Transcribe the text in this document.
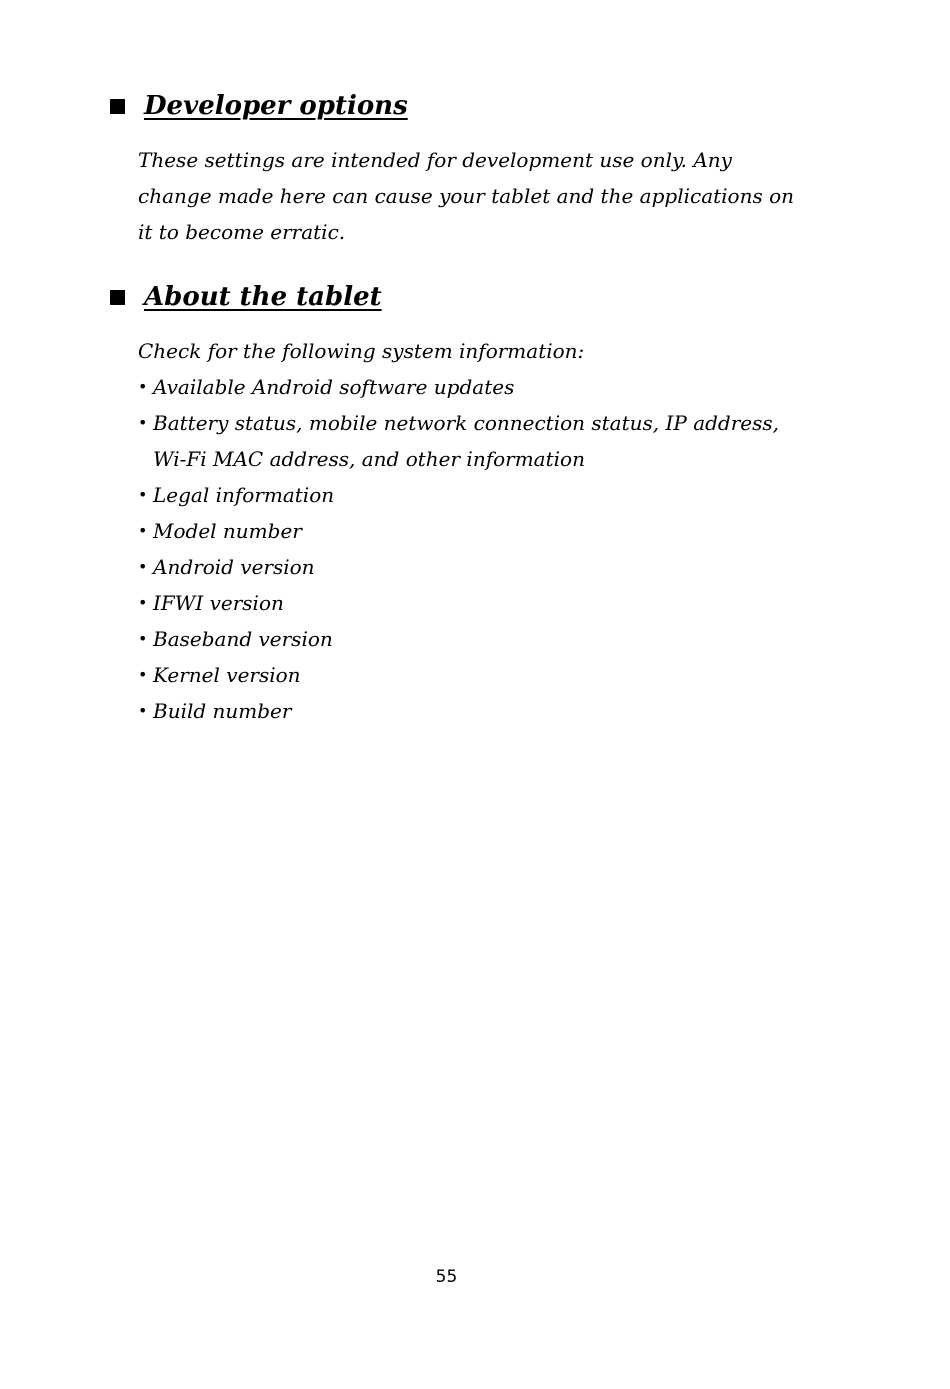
Developer options

These settings are intended for development use only. Any change made here can cause your tablet and the applications on it to become erratic.

About the tablet

Check for the following system information:

• Available Android software updates
• Battery status, mobile network connection status, IP address, Wi-Fi MAC address, and other information
• Legal information
• Model number
• Android version
• IFWI version
• Baseband version
• Kernel version
• Build number
55
